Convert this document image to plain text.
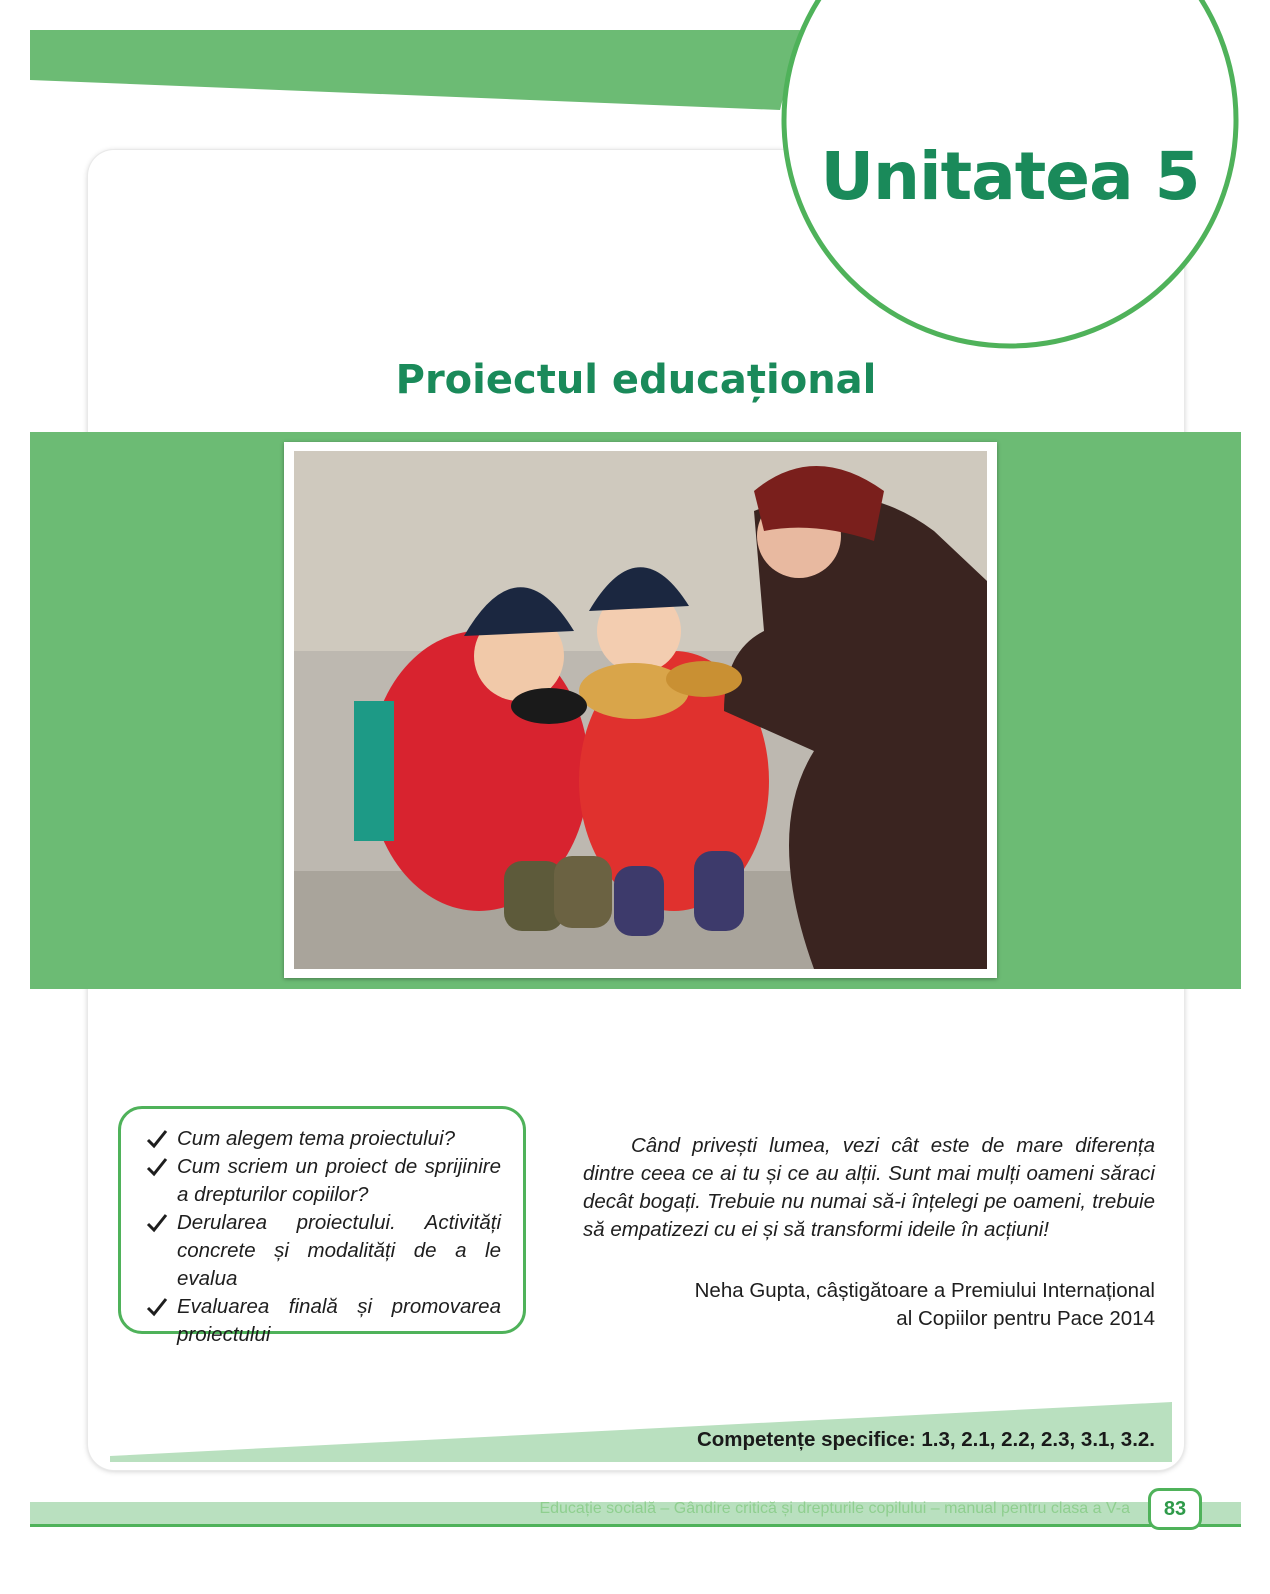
Unitatea 5
Proiectul educațional
Cum alegem tema proiectului?
Cum scriem un proiect de sprijinire a drepturilor copiilor?
Derularea proiectului. Activități concrete și modalități de a le evalua
Evaluarea finală și promovarea proiectului
Când privești lumea, vezi cât este de mare diferența dintre ceea ce ai tu și ce au alții. Sunt mai mulți oameni săraci decât bogați. Trebuie nu numai să-i înțelegi pe oameni, trebuie să empatizezi cu ei și să transformi ideile în acțiuni!
Neha Gupta, câștigătoare a Premiului Internațional
al Copiilor pentru Pace 2014
Competențe specifice: 1.3, 2.1, 2.2, 2.3, 3.1, 3.2.
Educație socială – Gândire critică și drepturile copilului – manual pentru clasa a V-a	83
